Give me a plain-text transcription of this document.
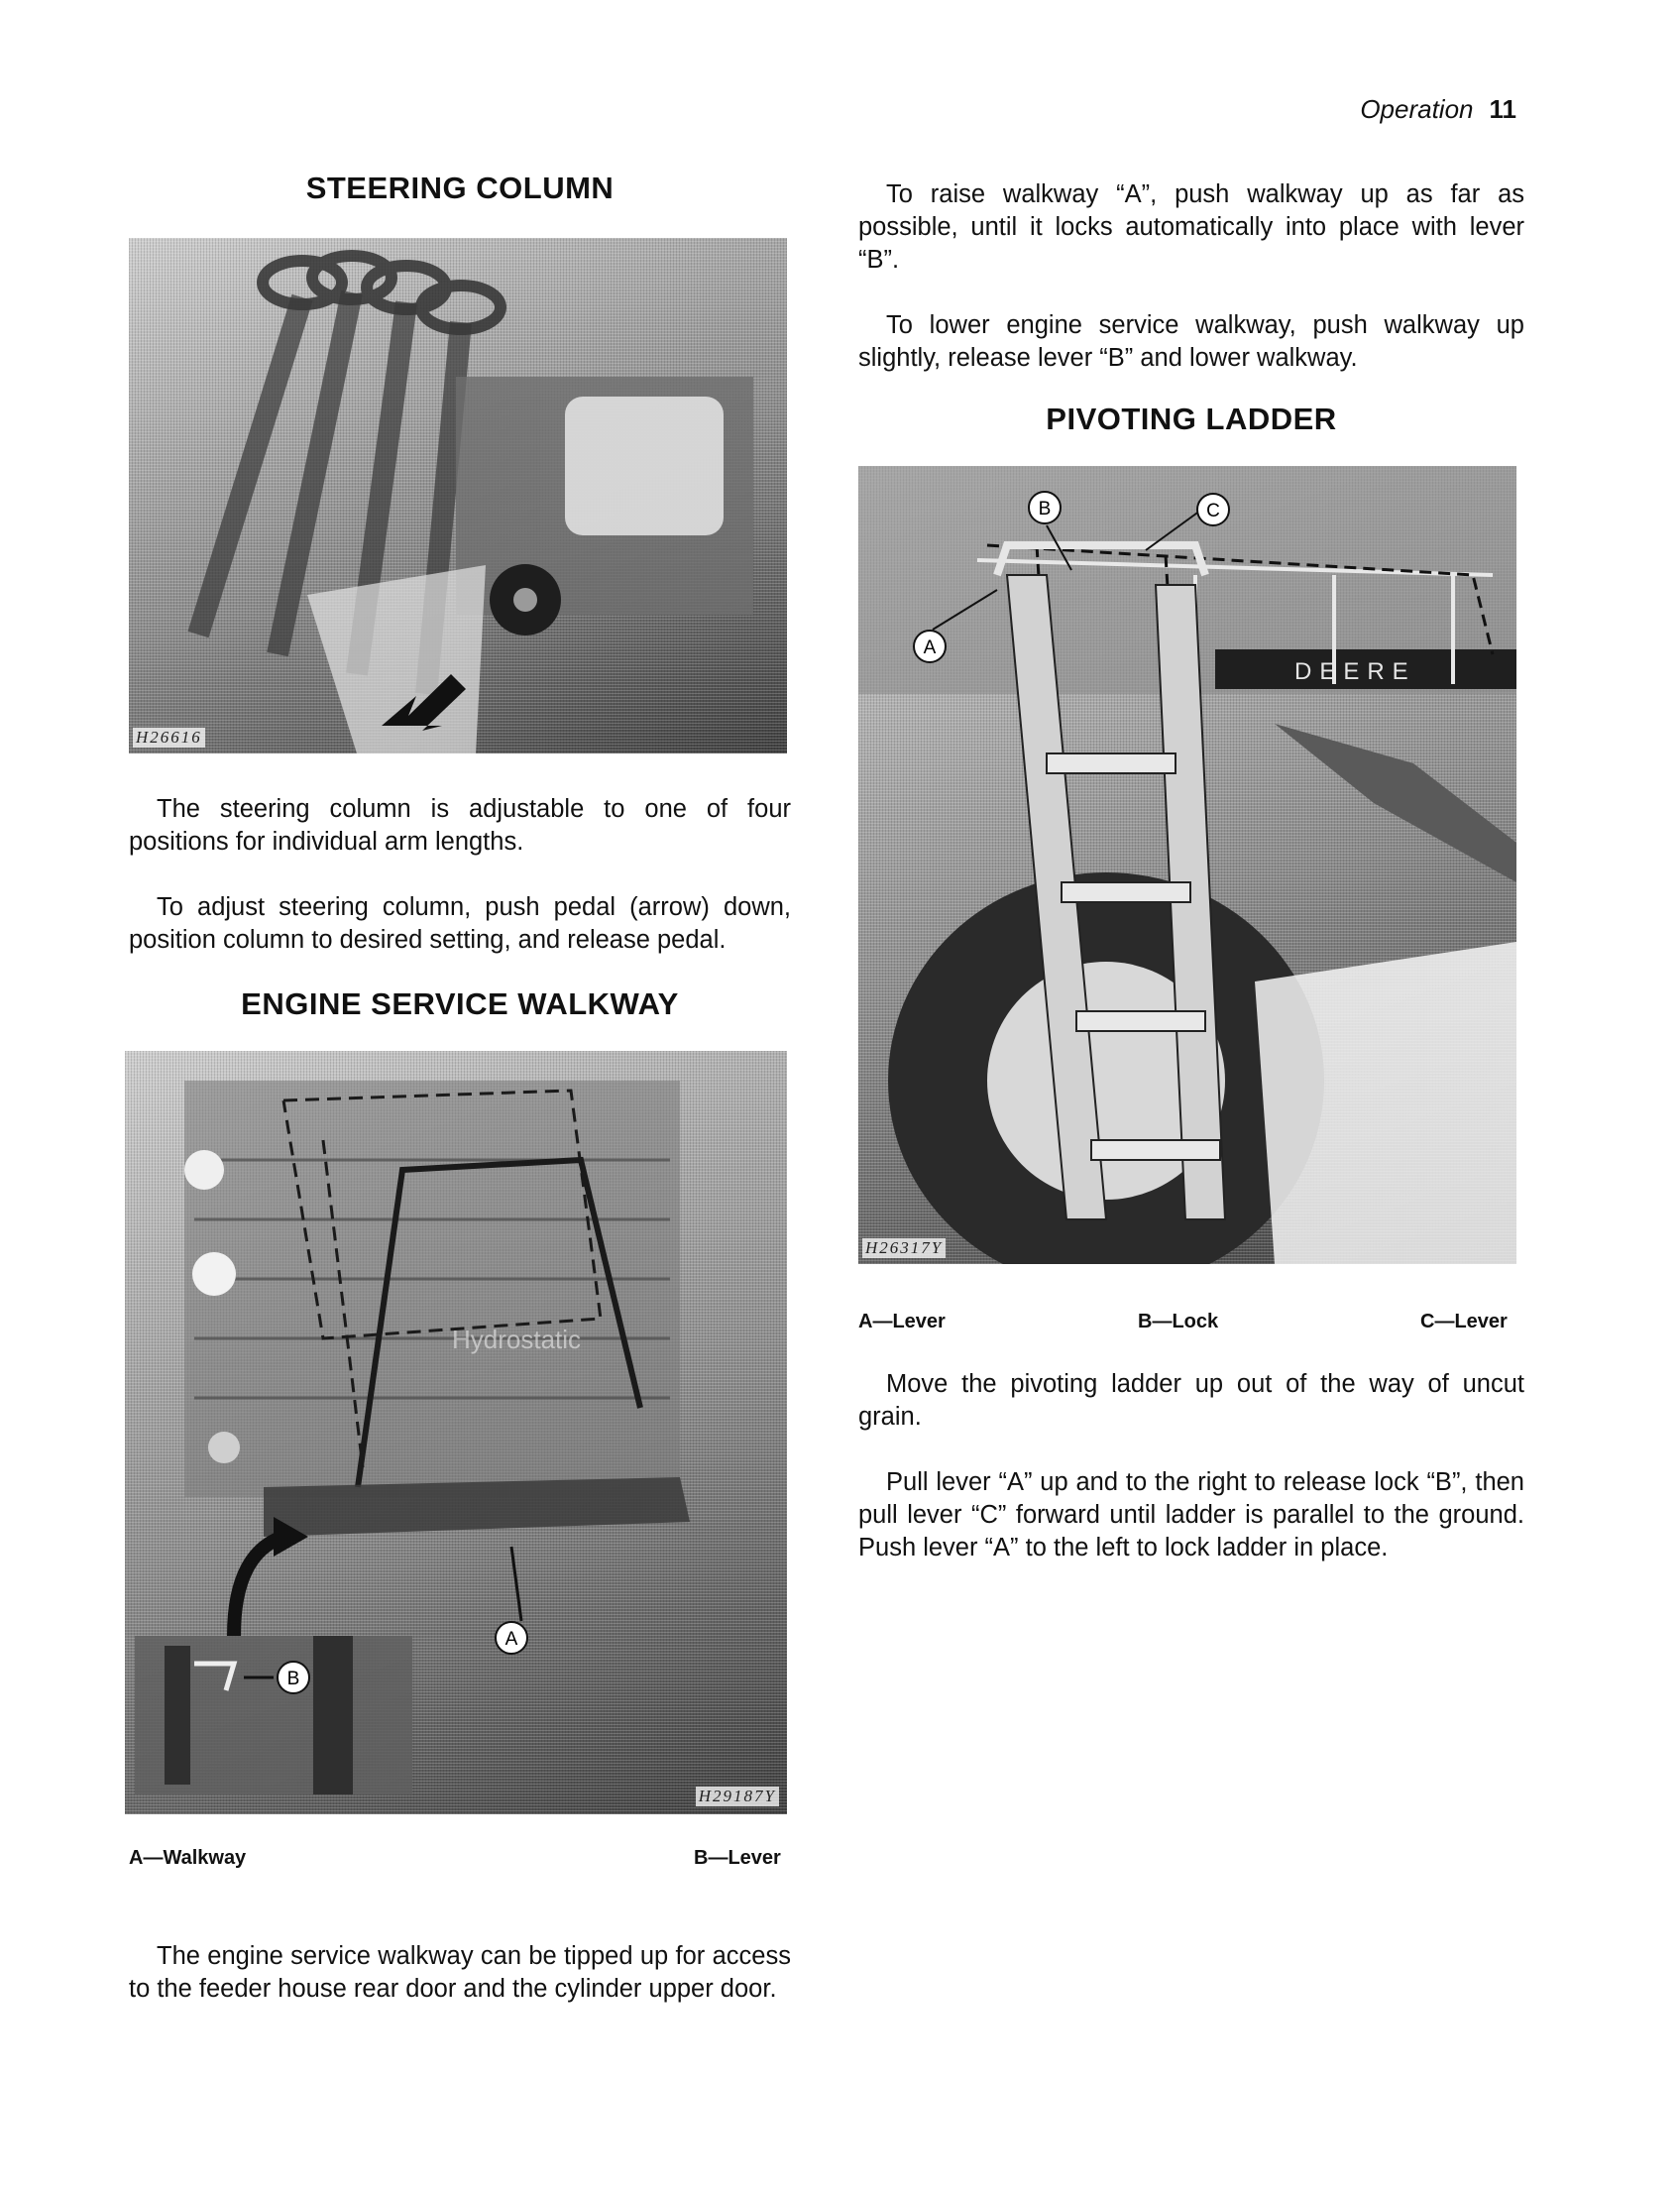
Operation 11
STEERING COLUMN
H26616

The steering column is adjustable to one of four positions for individual arm lengths.

To adjust steering column, push pedal (arrow) down, position column to desired setting, and release pedal.

ENGINE SERVICE WALKWAY
Hydrostatic
A
B
H29187Y
A—Walkway	B—Lever

The engine service walkway can be tipped up for access to the feeder house rear door and the cylinder upper door.

To raise walkway “A”, push walkway up as far as possible, until it locks automatically into place with lever “B”.

To lower engine service walkway, push walkway up slightly, release lever “B” and lower walkway.

PIVOTING LADDER
DEERE
A
B	C
H26317Y
A—Lever	B—Lock	C—Lever

Move the pivoting ladder up out of the way of uncut grain.

Pull lever “A” up and to the right to release lock “B”, then pull lever “C” forward until ladder is parallel to the ground. Push lever “A” to the left to lock ladder in place.
